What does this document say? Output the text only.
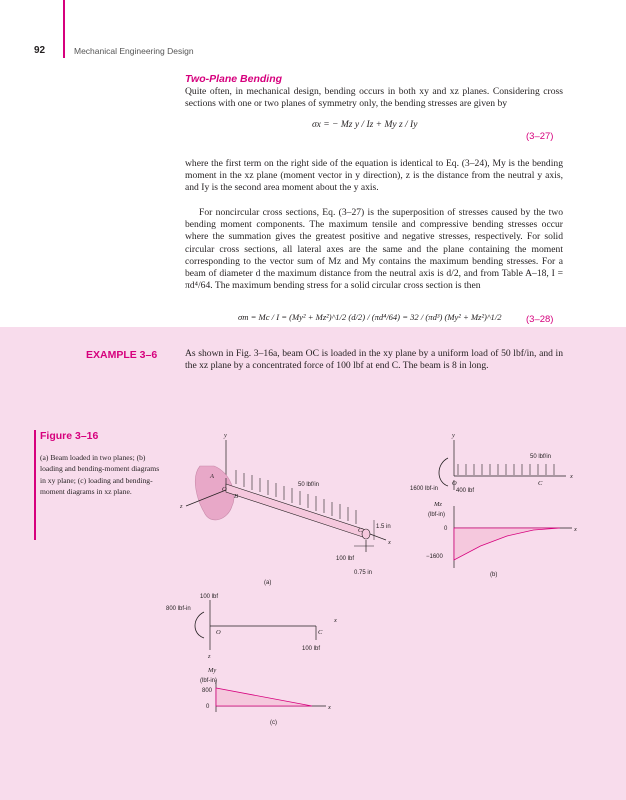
92	Mechanical Engineering Design
Two-Plane Bending
Quite often, in mechanical design, bending occurs in both xy and xz planes. Considering cross sections with one or two planes of symmetry only, the bending stresses are given by
σx = − Mz y / Iz + My z / Iy
(3–27)
where the first term on the right side of the equation is identical to Eq. (3–24), My is the bending moment in the xz plane (moment vector in y direction), z is the distance from the neutral y axis, and Iy is the second area moment about the y axis.
For noncircular cross sections, Eq. (3–27) is the superposition of stresses caused by the two bending moment components. The maximum tensile and compressive bending stresses occur where the summation gives the greatest positive and negative stresses, respectively. For solid circular cross sections, all lateral axes are the same and the plane containing the moment corresponding to the vector sum of Mz and My contains the maximum bending stresses. For a beam of diameter d the maximum distance from the neutral axis is d/2, and from Table A–18, I = πd⁴/64. The maximum bending stress for a solid circular cross section is then
σm = Mc / I = (My² + Mz²)^1/2 (d/2) / (πd⁴/64) = 32 / (πd³) (My² + Mz²)^1/2	(3–28)
EXAMPLE 3–6	As shown in Fig. 3–16a, beam OC is loaded in the xy plane by a uniform load of 50 lbf/in, and in the xz plane by a concentrated force of 100 lbf at end C. The beam is 8 in long.
Figure 3–16
(a) Beam loaded in two planes; (b) loading and bending-moment diagrams in xy plane; (c) loading and bending-moment diagrams in xz plane.
y
z
x
A
O
B
C
50 lbf/in
1.5 in
100 lbf
0.75 in
(a)
y
x
50 lbf/in
O	C
1600 lbf-in	400 lbf
Mz
(lbf-in)
0
−1600
x
(b)
100 lbf
800 lbf-in
O	C
z
x
100 lbf
My
(lbf-in)
800
0	x
(c)
